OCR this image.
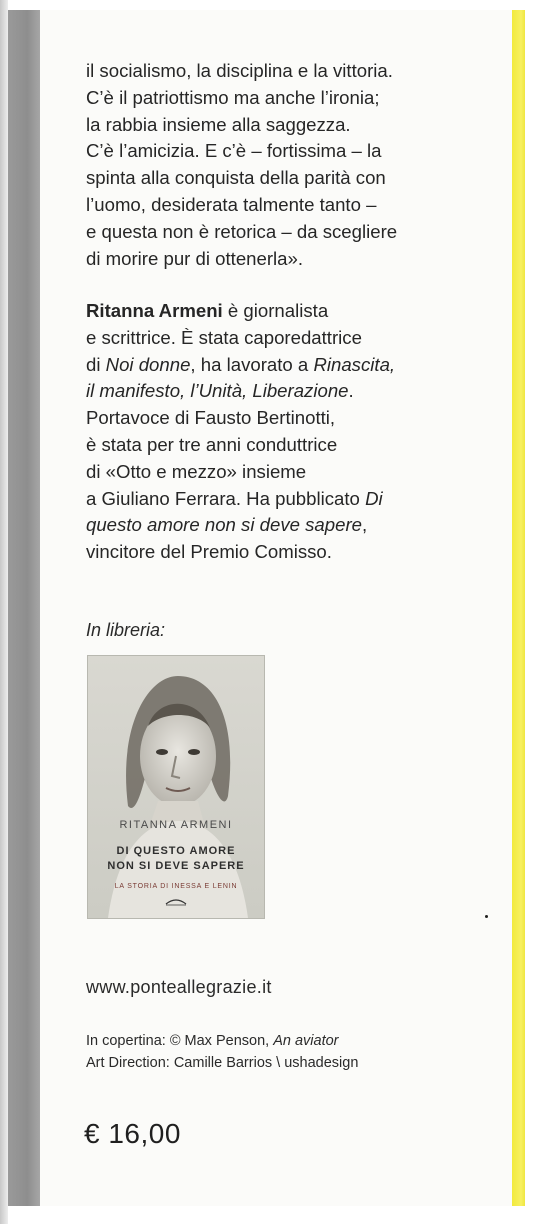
il socialismo, la disciplina e la vittoria.
C’è il patriottismo ma anche l’ironia;
la rabbia insieme alla saggezza.
C’è l’amicizia. E c’è – fortissima – la
spinta alla conquista della parità con
l’uomo, desiderata talmente tanto –
e questa non è retorica – da scegliere
di morire pur di ottenerla».
Ritanna Armeni è giornalista
e scrittrice. È stata caporedattrice
di Noi donne, ha lavorato a Rinascita,
il manifesto, l’Unità, Liberazione.
Portavoce di Fausto Bertinotti,
è stata per tre anni conduttrice
di «Otto e mezzo» insieme
a Giuliano Ferrara. Ha pubblicato Di
questo amore non si deve sapere,
vincitore del Premio Comisso.
In libreria:
RITANNA ARMENI
DI QUESTO AMORE
NON SI DEVE SAPERE
LA STORIA DI INESSA E LENIN
www.ponteallegrazie.it
In copertina: © Max Penson, An aviator
Art Direction: Camille Barrios \ ushadesign
€ 16,00
